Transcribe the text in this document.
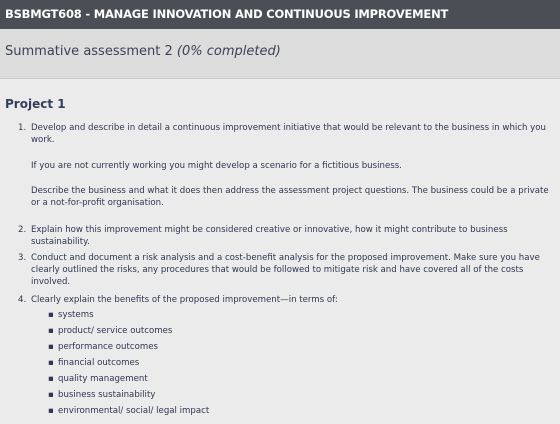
BSBMGT608 - MANAGE INNOVATION AND CONTINUOUS IMPROVEMENT
Summative assessment 2 (0% completed)
Project 1
1. Develop and describe in detail a continuous improvement initiative that would be relevant to the business in which you work.
If you are not currently working you might develop a scenario for a fictitious business.
Describe the business and what it does then address the assessment project questions. The business could be a private or a not-for-profit organisation.
2. Explain how this improvement might be considered creative or innovative, how it might contribute to business sustainability.
3. Conduct and document a risk analysis and a cost-benefit analysis for the proposed improvement. Make sure you have clearly outlined the risks, any procedures that would be followed to mitigate risk and have covered all of the costs involved.
4. Clearly explain the benefits of the proposed improvement—in terms of:
▪ systems
▪ product/ service outcomes
▪ performance outcomes
▪ financial outcomes
▪ quality management
▪ business sustainability
▪ environmental/ social/ legal impact
